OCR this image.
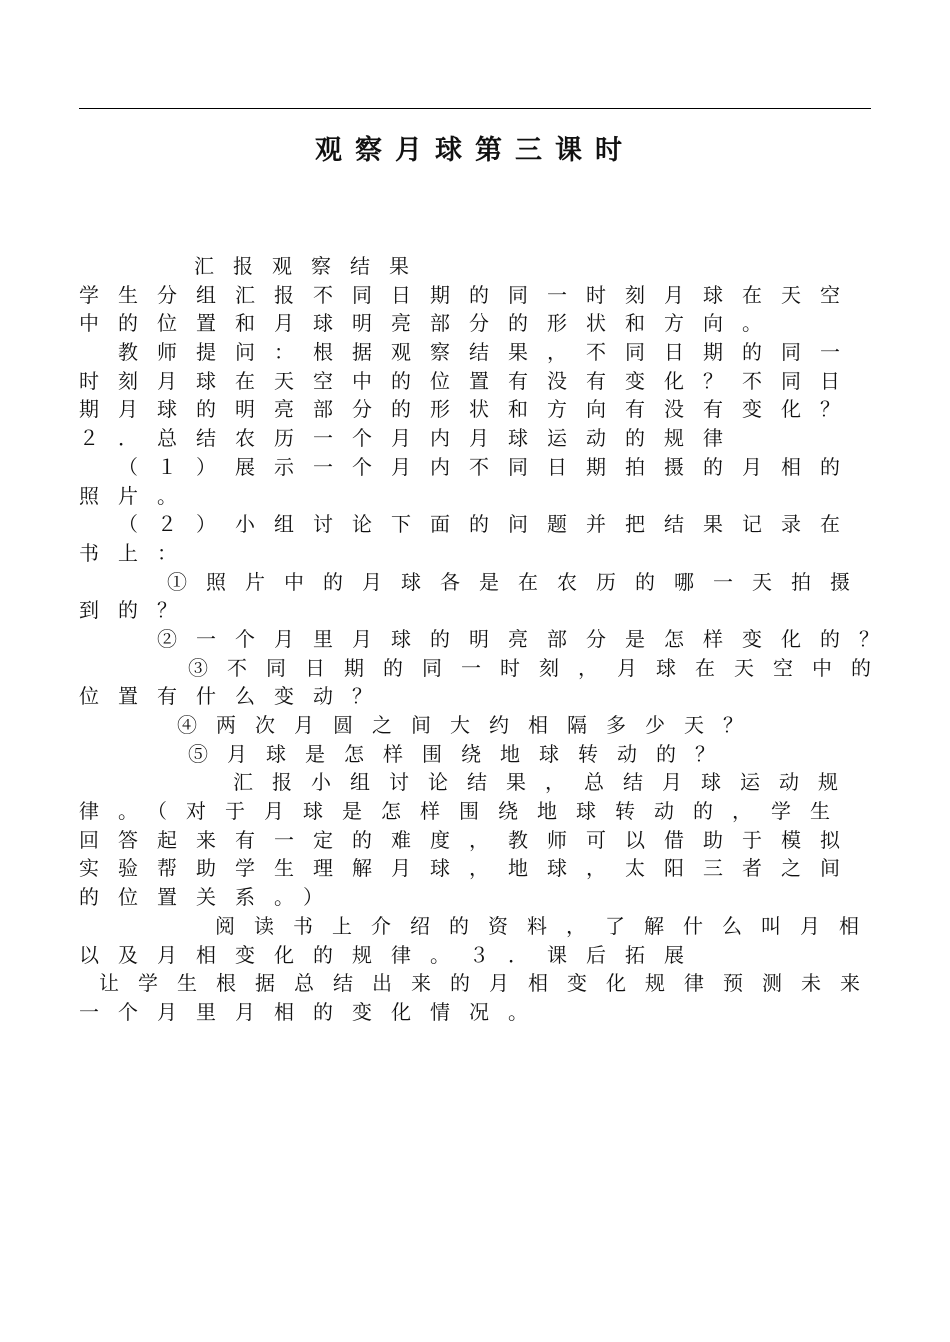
观察月球第三课时
汇报观察结果
学生分组汇报不同日期的同一时刻月球在天空
中的位置和月球明亮部分的形状和方向。
教师提问：根据观察结果，不同日期的同一
时刻月球在天空中的位置有没有变化？不同日
期月球的明亮部分的形状和方向有没有变化？
２．总结农历一个月内月球运动的规律
（１）展示一个月内不同日期拍摄的月相的
照片。
（２）小组讨论下面的问题并把结果记录在
书上：
①照片中的月球各是在农历的哪一天拍摄
到的？
②一个月里月球的明亮部分是怎样变化的？
③不同日期的同一时刻，月球在天空中的
位置有什么变动？
④两次月圆之间大约相隔多少天？
⑤月球是怎样围绕地球转动的？
汇报小组讨论结果，总结月球运动规
律。（对于月球是怎样围绕地球转动的，学生
回答起来有一定的难度，教师可以借助于模拟
实验帮助学生理解月球，地球，太阳三者之间
的位置关系。）
阅读书上介绍的资料，了解什么叫月相
以及月相变化的规律。３．课后拓展
让学生根据总结出来的月相变化规律预测未来
一个月里月相的变化情况。
